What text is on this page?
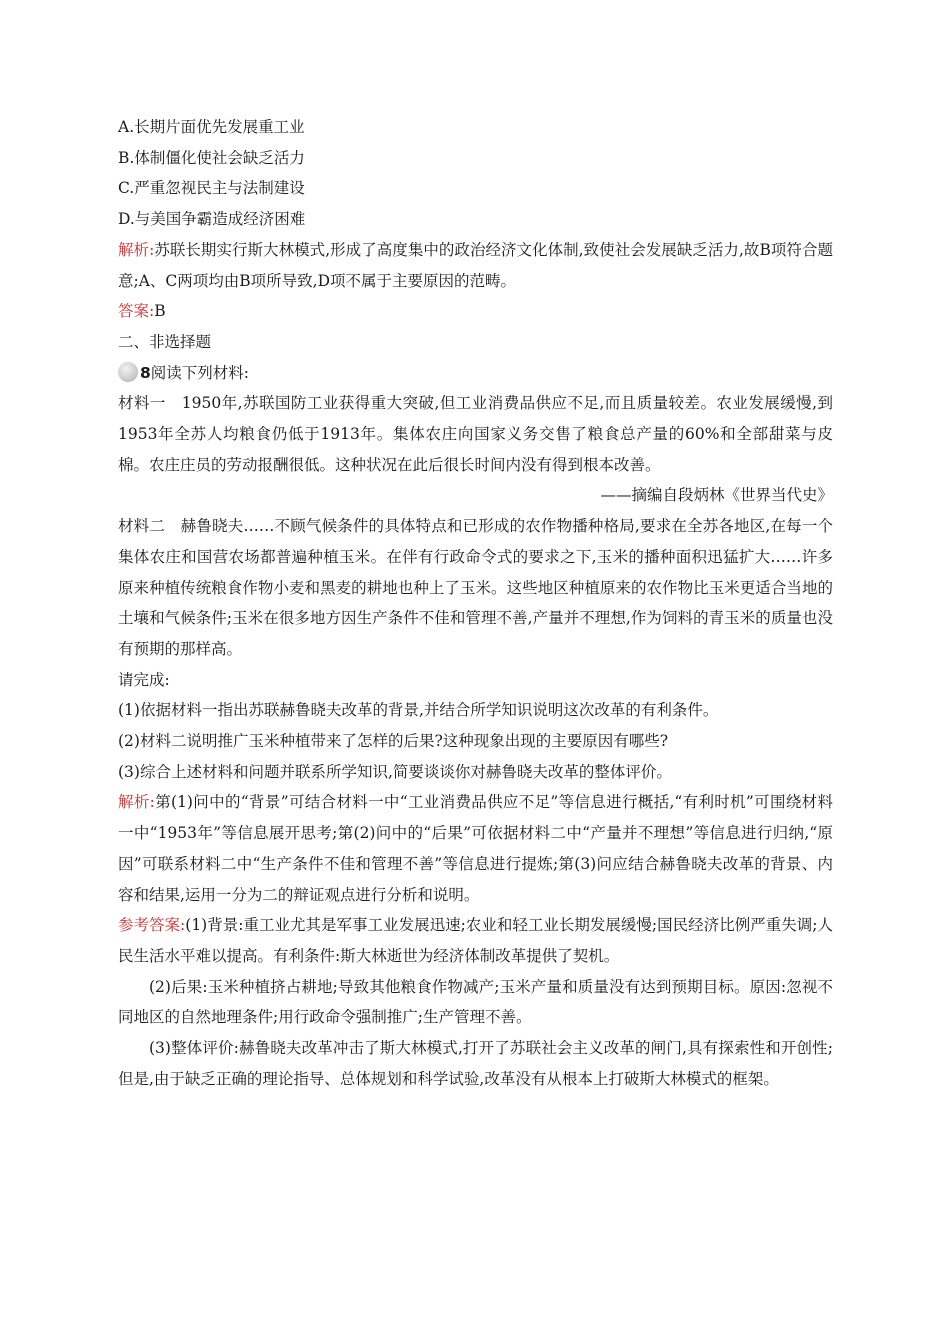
A.长期片面优先发展重工业
B.体制僵化使社会缺乏活力
C.严重忽视民主与法制建设
D.与美国争霸造成经济困难
解析:苏联长期实行斯大林模式,形成了高度集中的政治经济文化体制,致使社会发展缺乏活力,故B项符合题意;A、C两项均由B项所导致,D项不属于主要原因的范畴。
答案:B
二、非选择题
8阅读下列材料:
材料一　1950年,苏联国防工业获得重大突破,但工业消费品供应不足,而且质量较差。农业发展缓慢,到1953年全苏人均粮食仍低于1913年。集体农庄向国家义务交售了粮食总产量的60%和全部甜菜与皮棉。农庄庄员的劳动报酬很低。这种状况在此后很长时间内没有得到根本改善。
——摘编自段炳林《世界当代史》
材料二　赫鲁晓夫……不顾气候条件的具体特点和已形成的农作物播种格局,要求在全苏各地区,在每一个集体农庄和国营农场都普遍种植玉米。在伴有行政命令式的要求之下,玉米的播种面积迅猛扩大……许多原来种植传统粮食作物小麦和黑麦的耕地也种上了玉米。这些地区种植原来的农作物比玉米更适合当地的土壤和气候条件;玉米在很多地方因生产条件不佳和管理不善,产量并不理想,作为饲料的青玉米的质量也没有预期的那样高。
请完成:
(1)依据材料一指出苏联赫鲁晓夫改革的背景,并结合所学知识说明这次改革的有利条件。
(2)材料二说明推广玉米种植带来了怎样的后果?这种现象出现的主要原因有哪些?
(3)综合上述材料和问题并联系所学知识,简要谈谈你对赫鲁晓夫改革的整体评价。
解析:第(1)问中的“背景”可结合材料一中“工业消费品供应不足”等信息进行概括,“有利时机”可围绕材料一中“1953年”等信息展开思考;第(2)问中的“后果”可依据材料二中“产量并不理想”等信息进行归纳,“原因”可联系材料二中“生产条件不佳和管理不善”等信息进行提炼;第(3)问应结合赫鲁晓夫改革的背景、内容和结果,运用一分为二的辩证观点进行分析和说明。
参考答案:(1)背景:重工业尤其是军事工业发展迅速;农业和轻工业长期发展缓慢;国民经济比例严重失调;人民生活水平难以提高。有利条件:斯大林逝世为经济体制改革提供了契机。
(2)后果:玉米种植挤占耕地;导致其他粮食作物减产;玉米产量和质量没有达到预期目标。原因:忽视不同地区的自然地理条件;用行政命令强制推广;生产管理不善。
(3)整体评价:赫鲁晓夫改革冲击了斯大林模式,打开了苏联社会主义改革的闸门,具有探索性和开创性;但是,由于缺乏正确的理论指导、总体规划和科学试验,改革没有从根本上打破斯大林模式的框架。
